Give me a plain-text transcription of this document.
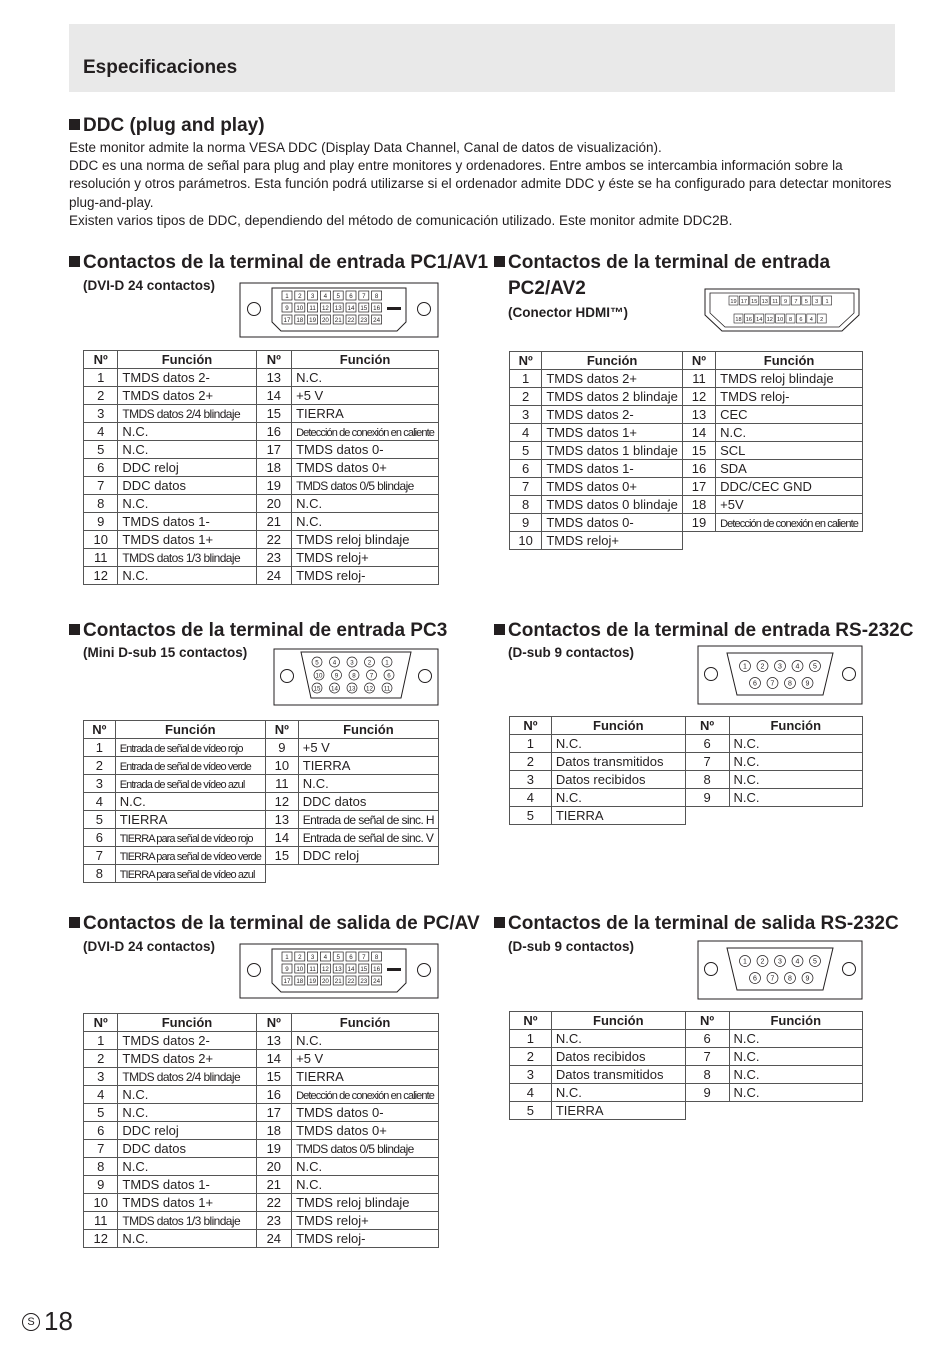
Especificaciones
DDC (plug and play)

Este monitor admite la norma VESA DDC (Display Data Channel, Canal de datos de visualización).

DDC es una norma de señal para plug and play entre monitores y ordenadores. Entre ambos se intercambia información sobre la resolución y otros parámetros. Esta función podrá utilizarse si el ordenador admite DDC y éste se ha configurado para detectar monitores plug-and-play.

Existen varios tipos de DDC, dependiendo del método de comunicación utilizado. Este monitor admite DDC2B.

Contactos de la terminal de entrada PC1/AV1
(DVI-D 24 contactos)
1 2 3 4 5 6 7 8
9 10 11 12 13 14 15 16
17 18 19 20 21 22 23 24
Nº	Función	Nº	Función
1	TMDS datos 2-	13	N.C.
2	TMDS datos 2+	14	+5 V
3	TMDS datos 2/4 blindaje	15	TIERRA
4	N.C.	16	Detección de conexión en caliente
5	N.C.	17	TMDS datos 0-
6	DDC reloj	18	TMDS datos 0+
7	DDC datos	19	TMDS datos 0/5 blindaje
8	N.C.	20	N.C.
9	TMDS datos 1-	21	N.C.
10	TMDS datos 1+	22	TMDS reloj blindaje
11	TMDS datos 1/3 blindaje	23	TMDS reloj+
12	N.C.	24	TMDS reloj-
Contactos de la terminal de entrada
PC2/AV2
(Conector HDMI™)
19 17 15 13 11 9 7 5 3 1
18 16 14 12 10 8 6 4 2
Nº	Función	Nº	Función
1	TMDS datos 2+	11	TMDS reloj blindaje
2	TMDS datos 2 blindaje	12	TMDS reloj-
3	TMDS datos 2-	13	CEC
4	TMDS datos 1+	14	N.C.
5	TMDS datos 1 blindaje	15	SCL
6	TMDS datos 1-	16	SDA
7	TMDS datos 0+	17	DDC/CEC GND
8	TMDS datos 0 blindaje	18	+5V
9	TMDS datos 0-	19	Detección de conexión en caliente
10	TMDS reloj+		
Contactos de la terminal de entrada PC3
(Mini D-sub 15 contactos)
5 4 3 2 1
10 9 8 7 6
15 14 13 12 11
Nº	Función	Nº	Función
1	Entrada de señal de vídeo rojo	9	+5 V
2	Entrada de señal de vídeo verde	10	TIERRA
3	Entrada de señal de vídeo azul	11	N.C.
4	N.C.	12	DDC datos
5	TIERRA	13	Entrada de señal de sinc. H
6	TIERRA para señal de vídeo rojo	14	Entrada de señal de sinc. V
7	TIERRA para señal de vídeo verde	15	DDC reloj
8	TIERRA para señal de vídeo azul		
Contactos de la terminal de entrada RS-232C
(D-sub 9 contactos)
1 2 3 4 5
6 7 8 9
Nº	Función	Nº	Función
1	N.C.	6	N.C.
2	Datos transmitidos	7	N.C.
3	Datos recibidos	8	N.C.
4	N.C.	9	N.C.
5	TIERRA		
Contactos de la terminal de salida de PC/AV
(DVI-D 24 contactos)
1 2 3 4 5 6 7 8
9 10 11 12 13 14 15 16
17 18 19 20 21 22 23 24
Nº	Función	Nº	Función
1	TMDS datos 2-	13	N.C.
2	TMDS datos 2+	14	+5 V
3	TMDS datos 2/4 blindaje	15	TIERRA
4	N.C.	16	Detección de conexión en caliente
5	N.C.	17	TMDS datos 0-
6	DDC reloj	18	TMDS datos 0+
7	DDC datos	19	TMDS datos 0/5 blindaje
8	N.C.	20	N.C.
9	TMDS datos 1-	21	N.C.
10	TMDS datos 1+	22	TMDS reloj blindaje
11	TMDS datos 1/3 blindaje	23	TMDS reloj+
12	N.C.	24	TMDS reloj-
Contactos de la terminal de salida RS-232C
(D-sub 9 contactos)
1 2 3 4 5
6 7 8 9
Nº	Función	Nº	Función
1	N.C.	6	N.C.
2	Datos recibidos	7	N.C.
3	Datos transmitidos	8	N.C.
4	N.C.	9	N.C.
5	TIERRA		
S 18
